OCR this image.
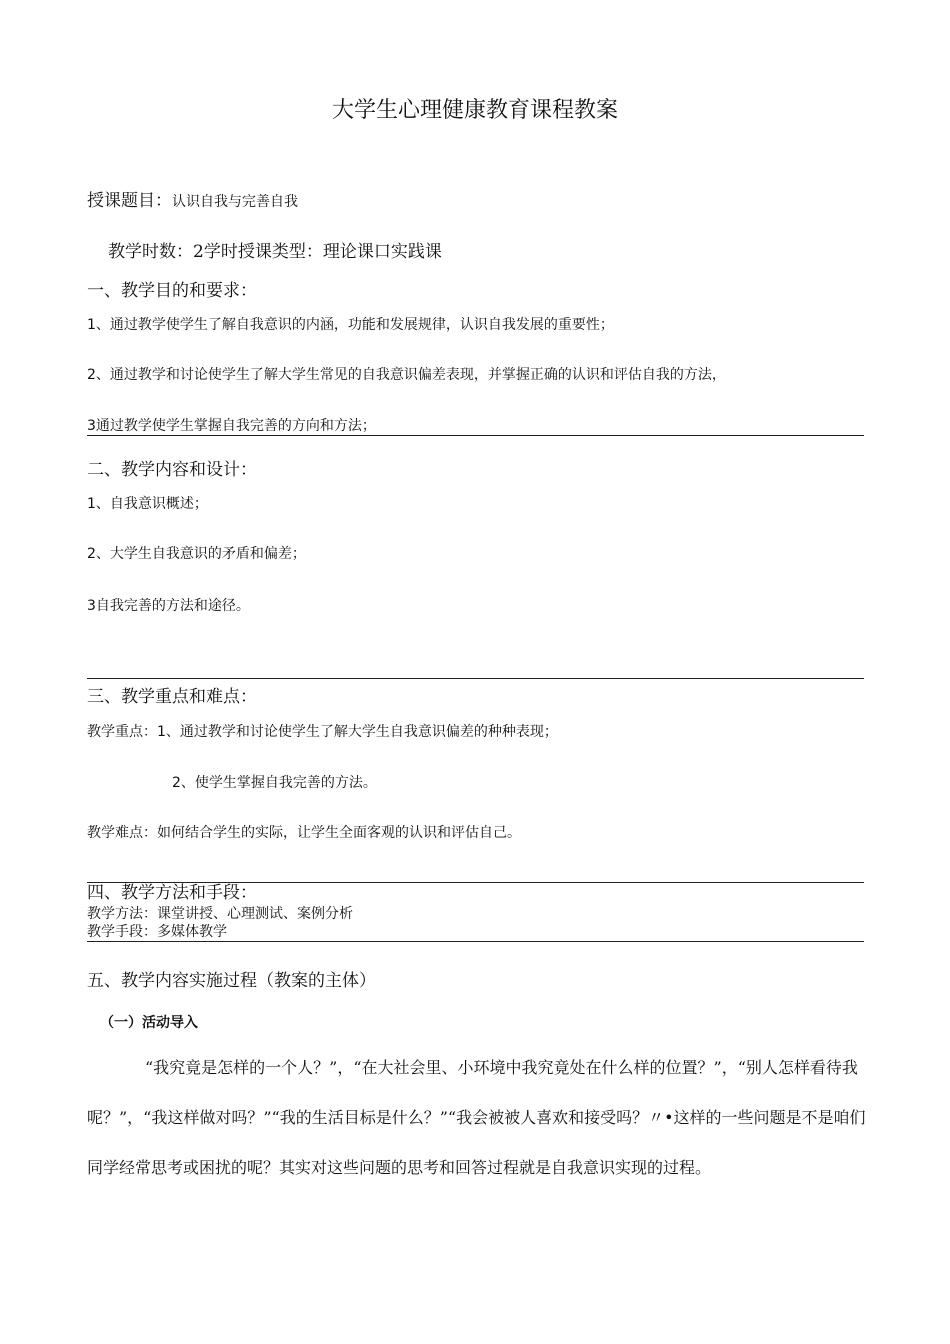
大学生心理健康教育课程教案
授课题目：认识自我与完善自我
教学时数：2学时授课类型：理论课口实践课
一、教学目的和要求：
1、通过教学使学生了解自我意识的内涵，功能和发展规律，认识自我发展的重要性；
2、通过教学和讨论使学生了解大学生常见的自我意识偏差表现，并掌握正确的认识和评估自我的方法，
3通过教学使学生掌握自我完善的方向和方法；
二、教学内容和设计：
1、自我意识概述；
2、大学生自我意识的矛盾和偏差；
3自我完善的方法和途径。
三、教学重点和难点：
教学重点：1、通过教学和讨论使学生了解大学生自我意识偏差的种种表现；
2、使学生掌握自我完善的方法。
教学难点：如何结合学生的实际，让学生全面客观的认识和评估自己。
四、教学方法和手段：
教学方法：课堂讲授、心理测试、案例分析
教学手段：多媒体教学
五、教学内容实施过程（教案的主体）
（一）活动导入
“我究竟是怎样的一个人？”，“在大社会里、小环境中我究竟处在什么样的位置？”，“别人怎样看待我呢？”，“我这样做对吗？”“我的生活目标是什么？”“我会被被人喜欢和接受吗？〃•这样的一些问题是不是咱们同学经常思考或困扰的呢？其实对这些问题的思考和回答过程就是自我意识实现的过程。
